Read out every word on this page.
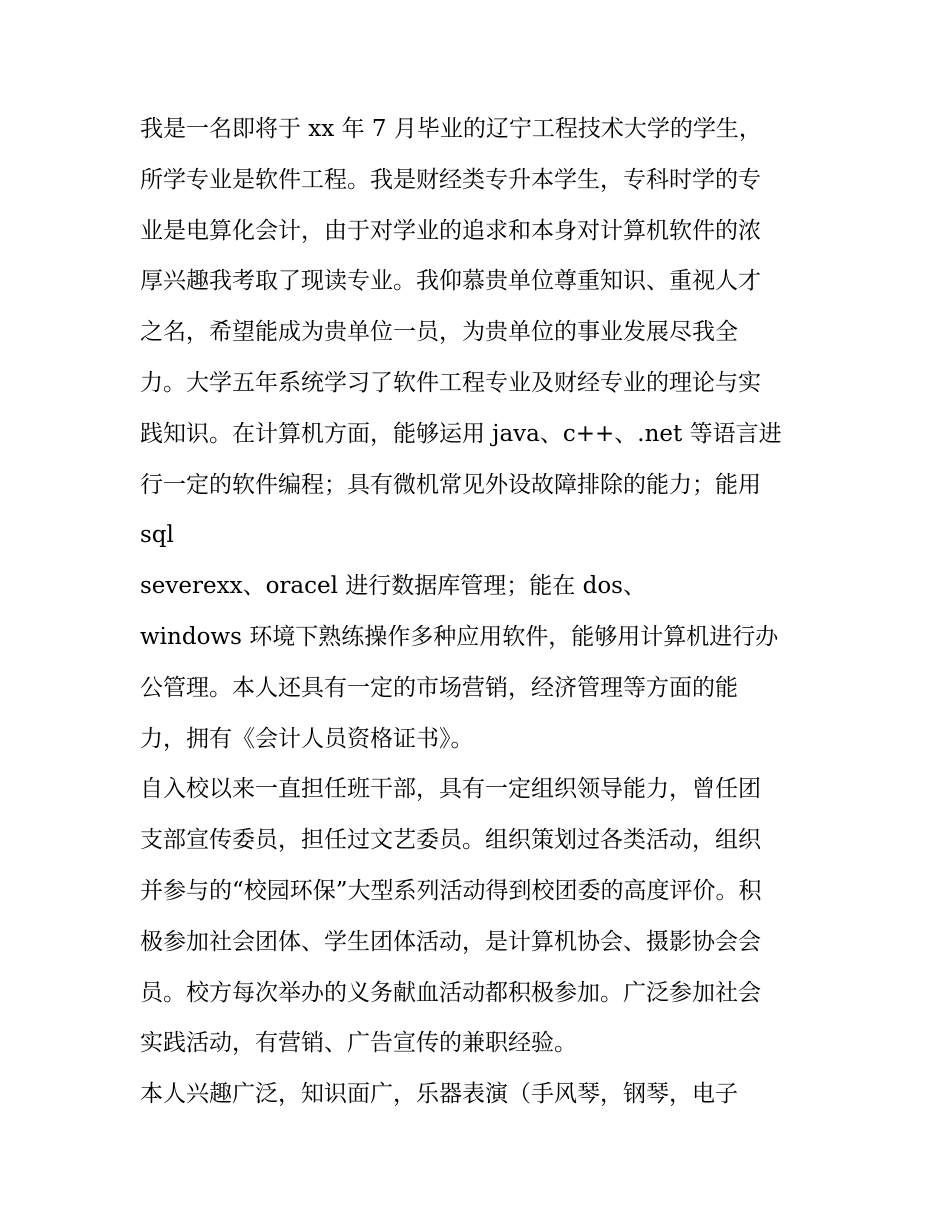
我是一名即将于 xx 年 7 月毕业的辽宁工程技术大学的学生，
所学专业是软件工程。我是财经类专升本学生，专科时学的专
业是电算化会计，由于对学业的追求和本身对计算机软件的浓
厚兴趣我考取了现读专业。我仰慕贵单位尊重知识、重视人才
之名，希望能成为贵单位一员，为贵单位的事业发展尽我全
力。大学五年系统学习了软件工程专业及财经专业的理论与实
践知识。在计算机方面，能够运用 java、c++、.net 等语言进
行一定的软件编程；具有微机常见外设故障排除的能力；能用
sql
severexx、oracel 进行数据库管理；能在 dos、
windows 环境下熟练操作多种应用软件，能够用计算机进行办
公管理。本人还具有一定的市场营销，经济管理等方面的能
力，拥有《会计人员资格证书》。
自入校以来一直担任班干部，具有一定组织领导能力，曾任团
支部宣传委员，担任过文艺委员。组织策划过各类活动，组织
并参与的“校园环保”大型系列活动得到校团委的高度评价。积
极参加社会团体、学生团体活动，是计算机协会、摄影协会会
员。校方每次举办的义务献血活动都积极参加。广泛参加社会
实践活动，有营销、广告宣传的兼职经验。
本人兴趣广泛，知识面广，乐器表演（手风琴，钢琴，电子
